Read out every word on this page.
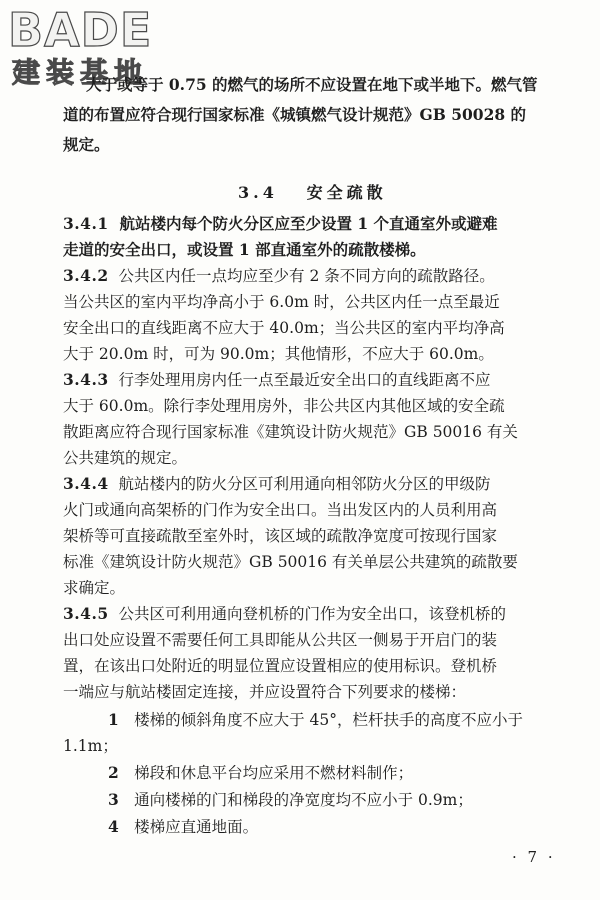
BADE
建装基地
大于或等于 0.75 的燃气的场所不应设置在地下或半地下。燃气管
道的布置应符合现行国家标准《城镇燃气设计规范》GB 50028 的
规定。
3.4 安全疏散
3.4.1 航站楼内每个防火分区应至少设置 1 个直通室外或避难
走道的安全出口，或设置 1 部直通室外的疏散楼梯。
3.4.2 公共区内任一点均应至少有 2 条不同方向的疏散路径。
当公共区的室内平均净高小于 6.0m 时，公共区内任一点至最近
安全出口的直线距离不应大于 40.0m；当公共区的室内平均净高
大于 20.0m 时，可为 90.0m；其他情形，不应大于 60.0m。
3.4.3 行李处理用房内任一点至最近安全出口的直线距离不应
大于 60.0m。除行李处理用房外，非公共区内其他区域的安全疏
散距离应符合现行国家标准《建筑设计防火规范》GB 50016 有关
公共建筑的规定。
3.4.4 航站楼内的防火分区可利用通向相邻防火分区的甲级防
火门或通向高架桥的门作为安全出口。当出发区内的人员利用高
架桥等可直接疏散至室外时，该区域的疏散净宽度可按现行国家
标准《建筑设计防火规范》GB 50016 有关单层公共建筑的疏散要
求确定。
3.4.5 公共区可利用通向登机桥的门作为安全出口，该登机桥的
出口处应设置不需要任何工具即能从公共区一侧易于开启门的装
置，在该出口处附近的明显位置应设置相应的使用标识。登机桥
一端应与航站楼固定连接，并应设置符合下列要求的楼梯：
1 楼梯的倾斜角度不应大于 45°，栏杆扶手的高度不应小于
1.1m；
2 梯段和休息平台均应采用不燃材料制作；
3 通向楼梯的门和梯段的净宽度均不应小于 0.9m；
4 楼梯应直通地面。
· 7 ·
